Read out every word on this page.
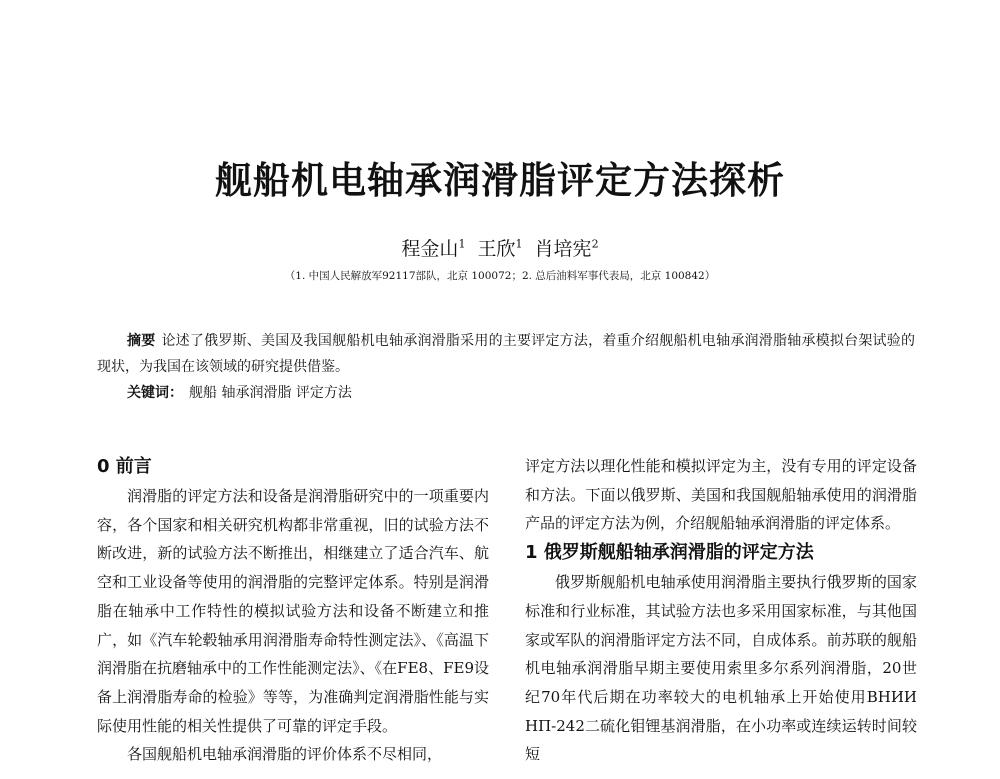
舰船机电轴承润滑脂评定方法探析
程金山$^1$ 王欣$^1$ 肖培宪$^2$
（1. 中国人民解放军92117部队，北京 100072；2. 总后油料军事代表局，北京 100842）
摘要 论述了俄罗斯、美国及我国舰船机电轴承润滑脂采用的主要评定方法，着重介绍舰船机电轴承润滑脂轴承模拟台架试验的现状，为我国在该领域的研究提供借鉴。
关键词： 舰船 轴承润滑脂 评定方法
0 前言

润滑脂的评定方法和设备是润滑脂研究中的一项重要内容，各个国家和相关研究机构都非常重视，旧的试验方法不断改进，新的试验方法不断推出，相继建立了适合汽车、航空和工业设备等使用的润滑脂的完整评定体系。特别是润滑脂在轴承中工作特性的模拟试验方法和设备不断建立和推广，如《汽车轮毂轴承用润滑脂寿命特性测定法》、《高温下润滑脂在抗磨轴承中的工作性能测定法》、《在FE8、FE9设备上润滑脂寿命的检验》等等，为准确判定润滑脂性能与实际使用性能的相关性提供了可靠的评定手段。

各国舰船机电轴承润滑脂的评价体系不尽相同，

评定方法以理化性能和模拟评定为主，没有专用的评定设备和方法。下面以俄罗斯、美国和我国舰船轴承使用的润滑脂产品的评定方法为例，介绍舰船轴承润滑脂的评定体系。

1 俄罗斯舰船轴承润滑脂的评定方法

俄罗斯舰船机电轴承使用润滑脂主要执行俄罗斯的国家标准和行业标准，其试验方法也多采用国家标准，与其他国家或军队的润滑脂评定方法不同，自成体系。前苏联的舰船机电轴承润滑脂早期主要使用索里多尔系列润滑脂，20世纪70年代后期在功率较大的电机轴承上开始使用ВНИИ НП-242二硫化钼锂基润滑脂，在小功率或连续运转时间较短
